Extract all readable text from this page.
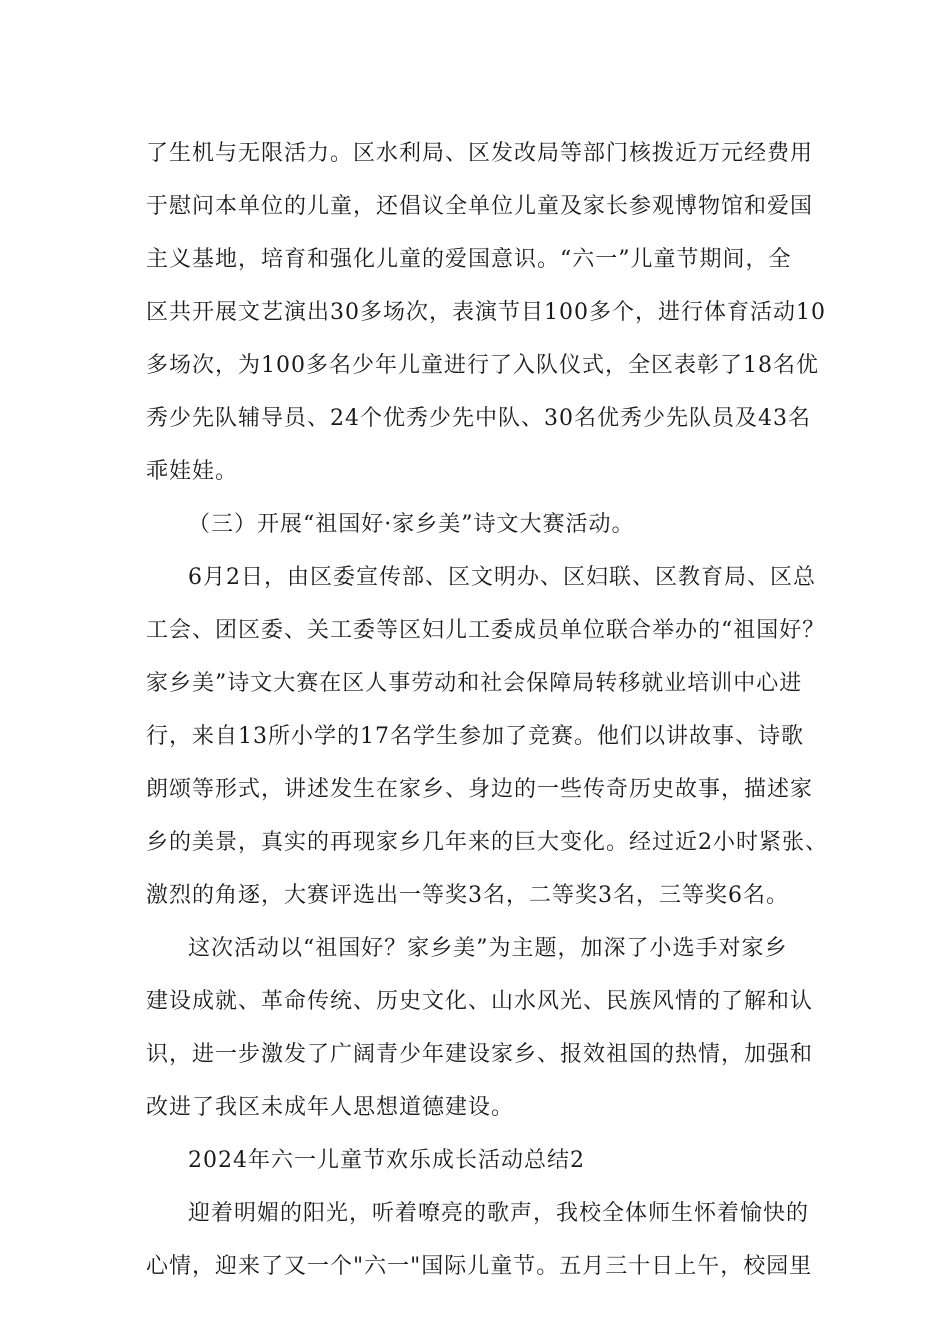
了生机与无限活力。区水利局、区发改局等部门核拨近万元经费用
于慰问本单位的儿童，还倡议全单位儿童及家长参观博物馆和爱国
主义基地，培育和强化儿童的爱国意识。“六一”儿童节期间，全
区共开展文艺演出30多场次，表演节目100多个，进行体育活动10
多场次，为100多名少年儿童进行了入队仪式，全区表彰了18名优
秀少先队辅导员、24个优秀少先中队、30名优秀少先队员及43名
乖娃娃。
（三）开展“祖国好·家乡美”诗文大赛活动。
6月2日，由区委宣传部、区文明办、区妇联、区教育局、区总
工会、团区委、关工委等区妇儿工委成员单位联合举办的“祖国好？
家乡美”诗文大赛在区人事劳动和社会保障局转移就业培训中心进
行，来自13所小学的17名学生参加了竞赛。他们以讲故事、诗歌
朗颂等形式，讲述发生在家乡、身边的一些传奇历史故事，描述家
乡的美景，真实的再现家乡几年来的巨大变化。经过近2小时紧张、
激烈的角逐，大赛评选出一等奖3名，二等奖3名，三等奖6名。
这次活动以“祖国好？家乡美”为主题，加深了小选手对家乡
建设成就、革命传统、历史文化、山水风光、民族风情的了解和认
识，进一步激发了广阔青少年建设家乡、报效祖国的热情，加强和
改进了我区未成年人思想道德建设。
2024年六一儿童节欢乐成长活动总结2
迎着明媚的阳光，听着嘹亮的歌声，我校全体师生怀着愉快的
心情，迎来了又一个"六一"国际儿童节。五月三十日上午，校园里
